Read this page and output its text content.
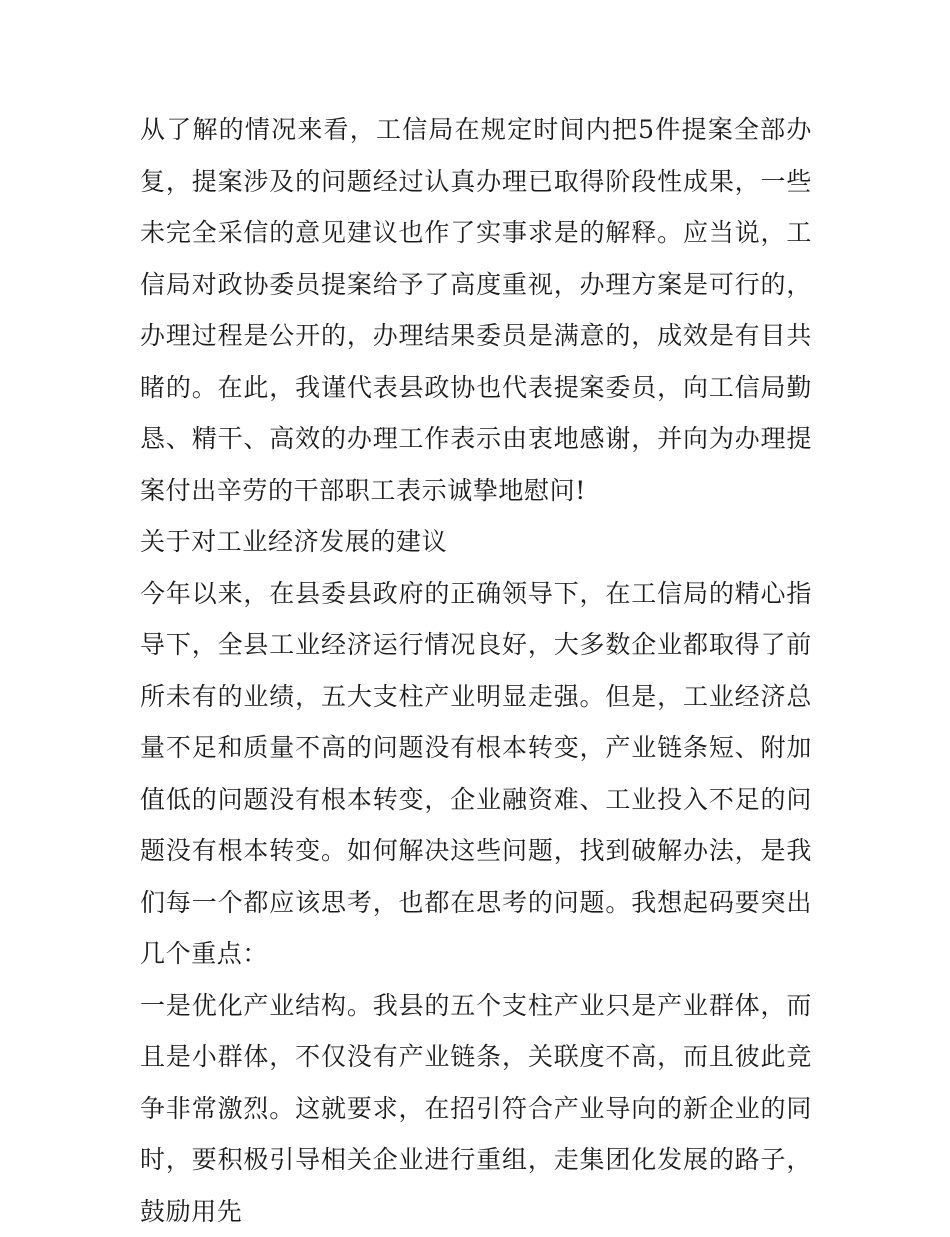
从了解的情况来看，工信局在规定时间内把5件提案全部办复，提案涉及的问题经过认真办理已取得阶段性成果，一些未完全采信的意见建议也作了实事求是的解释。应当说，工信局对政协委员提案给予了高度重视，办理方案是可行的，办理过程是公开的，办理结果委员是满意的，成效是有目共睹的。在此，我谨代表县政协也代表提案委员，向工信局勤恳、精干、高效的办理工作表示由衷地感谢，并向为办理提案付出辛劳的干部职工表示诚挚地慰问!

关于对工业经济发展的建议

今年以来，在县委县政府的正确领导下，在工信局的精心指导下，全县工业经济运行情况良好，大多数企业都取得了前所未有的业绩，五大支柱产业明显走强。但是，工业经济总量不足和质量不高的问题没有根本转变，产业链条短、附加值低的问题没有根本转变，企业融资难、工业投入不足的问题没有根本转变。如何解决这些问题，找到破解办法，是我们每一个都应该思考，也都在思考的问题。我想起码要突出几个重点：

一是优化产业结构。我县的五个支柱产业只是产业群体，而且是小群体，不仅没有产业链条，关联度不高，而且彼此竞争非常激烈。这就要求，在招引符合产业导向的新企业的同时，要积极引导相关企业进行重组，走集团化发展的路子，鼓励用先
